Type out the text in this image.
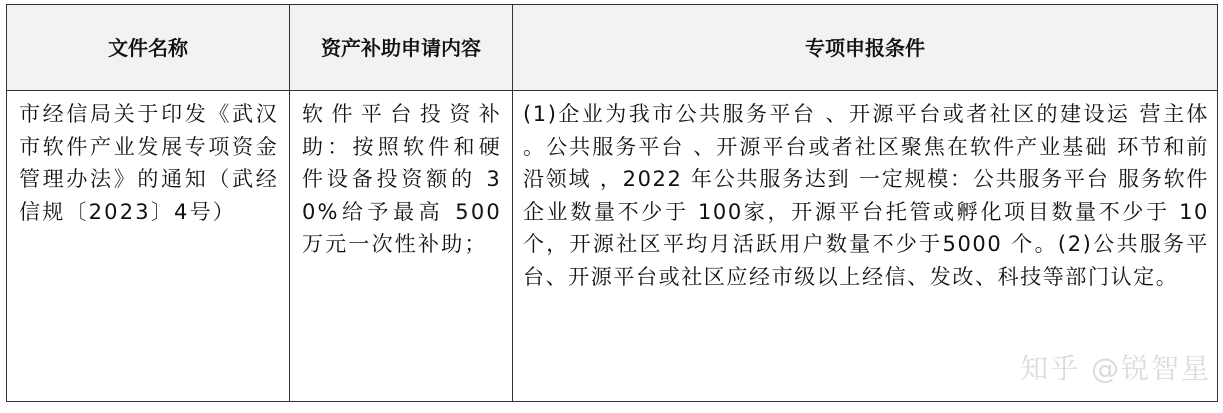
文件名称	资产补助申请内容	专项申报条件

市经信局关于印发《武汉市软件产业发展专项资金管理办法》的通知（武经信规〔2023〕4号）	软件平台投资补助：按照软件和硬件设备投资额的 30%给予最高 500 万元一次性补助；	(1)企业为我市公共服务平台 、开源平台或者社区的建设运 营主体 。公共服务平台 、开源平台或者社区聚焦在软件产业基础 环节和前沿领域 ，2022 年公共服务达到 一定规模：公共服务平台 服务软件企业数量不少于 100家，开源平台托管或孵化项目数量不少于 10 个，开源社区平均月活跃用户数量不少于5000 个。(2)公共服务平台、开源平台或社区应经市级以上经信、发改、科技等部门认定。
知乎 @锐智星
